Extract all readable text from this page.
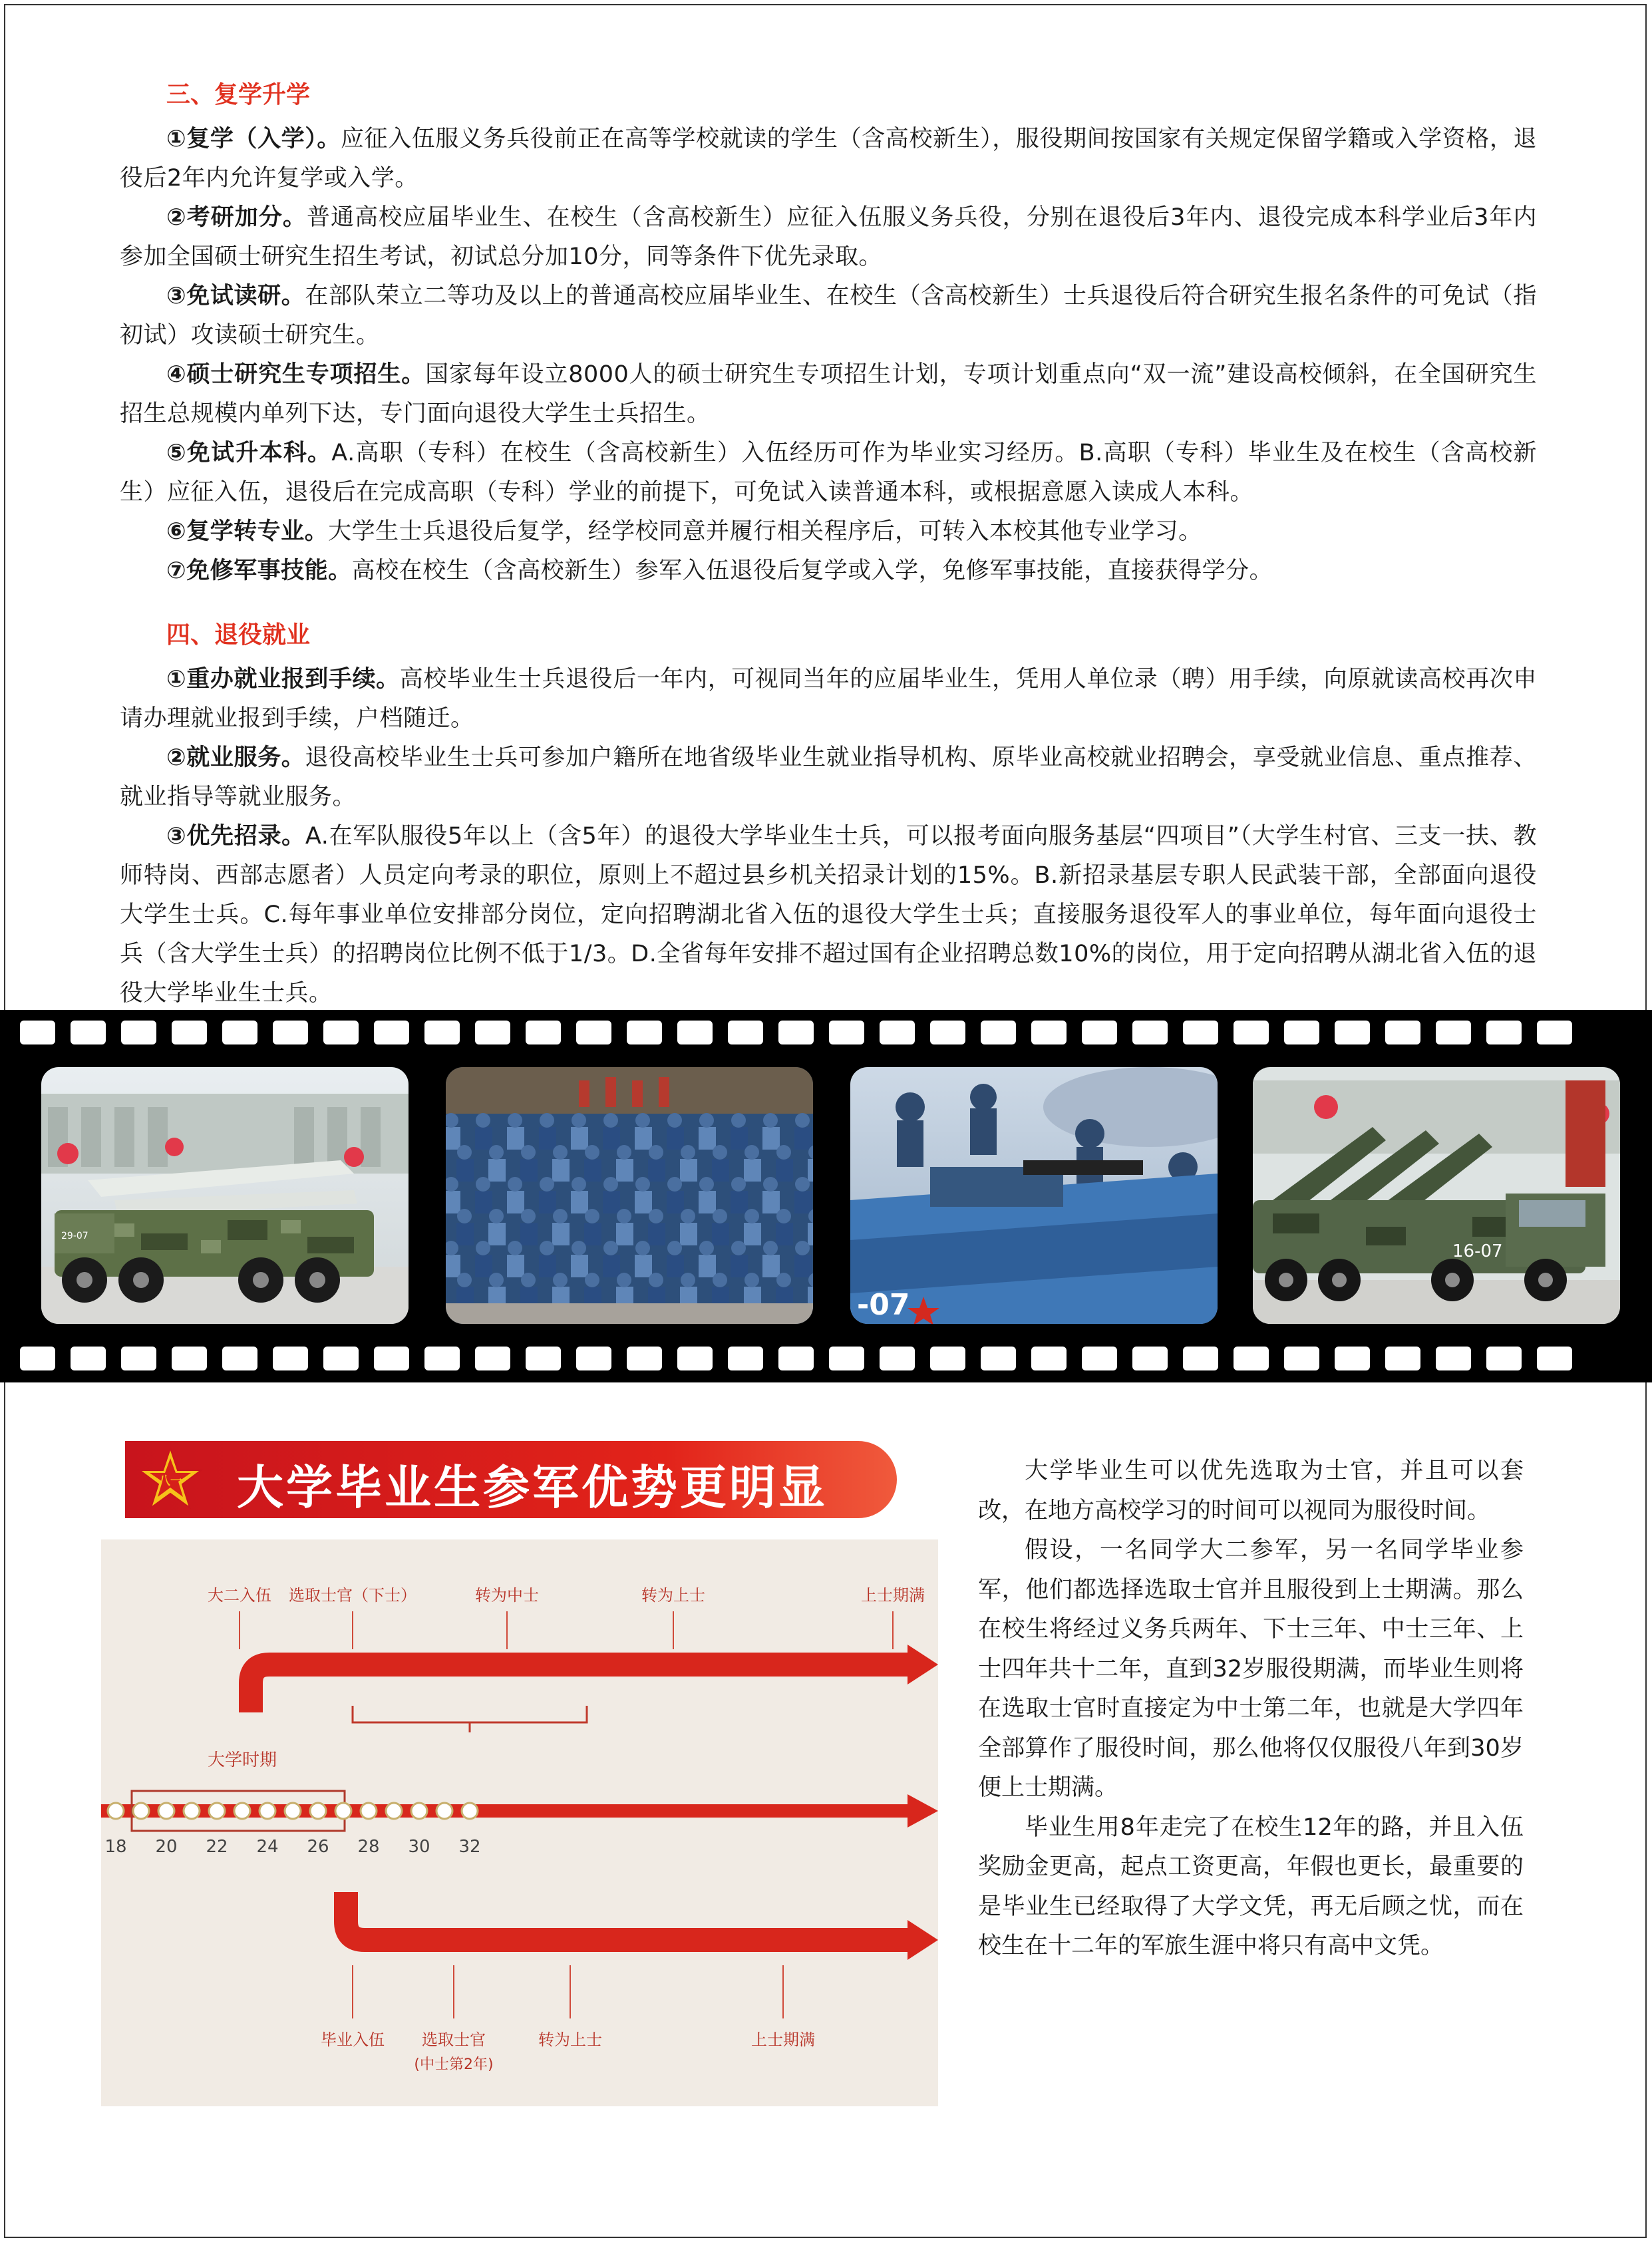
三、复学升学

①复学（入学）。应征入伍服义务兵役前正在高等学校就读的学生（含高校新生），服役期间按国家有关规定保留学籍或入学资格，退役后2年内允许复学或入学。

②考研加分。普通高校应届毕业生、在校生（含高校新生）应征入伍服义务兵役，分别在退役后3年内、退役完成本科学业后3年内参加全国硕士研究生招生考试，初试总分加10分，同等条件下优先录取。

③免试读研。在部队荣立二等功及以上的普通高校应届毕业生、在校生（含高校新生）士兵退役后符合研究生报名条件的可免试（指初试）攻读硕士研究生。

④硕士研究生专项招生。国家每年设立8000人的硕士研究生专项招生计划，专项计划重点向“双一流”建设高校倾斜，在全国研究生招生总规模内单列下达，专门面向退役大学生士兵招生。

⑤免试升本科。A.高职（专科）在校生（含高校新生）入伍经历可作为毕业实习经历。B.高职（专科）毕业生及在校生（含高校新生）应征入伍，退役后在完成高职（专科）学业的前提下，可免试入读普通本科，或根据意愿入读成人本科。

⑥复学转专业。大学生士兵退役后复学，经学校同意并履行相关程序后，可转入本校其他专业学习。

⑦免修军事技能。高校在校生（含高校新生）参军入伍退役后复学或入学，免修军事技能，直接获得学分。

四、退役就业

①重办就业报到手续。高校毕业生士兵退役后一年内，可视同当年的应届毕业生，凭用人单位录（聘）用手续，向原就读高校再次申请办理就业报到手续，户档随迁。

②就业服务。退役高校毕业生士兵可参加户籍所在地省级毕业生就业指导机构、原毕业高校就业招聘会，享受就业信息、重点推荐、就业指导等就业服务。

③优先招录。A.在军队服役5年以上（含5年）的退役大学毕业生士兵，可以报考面向服务基层“四项目”（大学生村官、三支一扶、教师特岗、西部志愿者）人员定向考录的职位，原则上不超过县乡机关招录计划的15%。B.新招录基层专职人民武装干部，全部面向退役大学生士兵。C.每年事业单位安排部分岗位，定向招聘湖北省入伍的退役大学生士兵；直接服务退役军人的事业单位，每年面向退役士兵（含大学生士兵）的招聘岗位比例不低于1/3。D.全省每年安排不超过国有企业招聘总数10%的岗位，用于定向招聘从湖北省入伍的退役大学毕业生士兵。

29-07
-07
16-07
八一 大学毕业生参军优势更明显
18 20 22 24 26 28 30 32
大二入伍 选取士官（下士）	转为中士	转为上士	上士期满
毕业入伍 选取士官	转为上士	上士期满
(中士第2年)
大学时期

大学毕业生可以优先选取为士官，并且可以套改，在地方高校学习的时间可以视同为服役时间。

假设，一名同学大二参军，另一名同学毕业参军，他们都选择选取士官并且服役到上士期满。那么在校生将经过义务兵两年、下士三年、中士三年、上士四年共十二年，直到32岁服役期满，而毕业生则将在选取士官时直接定为中士第二年，也就是大学四年全部算作了服役时间，那么他将仅仅服役八年到30岁便上士期满。

毕业生用8年走完了在校生12年的路，并且入伍奖励金更高，起点工资更高，年假也更长，最重要的是毕业生已经取得了大学文凭，再无后顾之忧，而在校生在十二年的军旅生涯中将只有高中文凭。
